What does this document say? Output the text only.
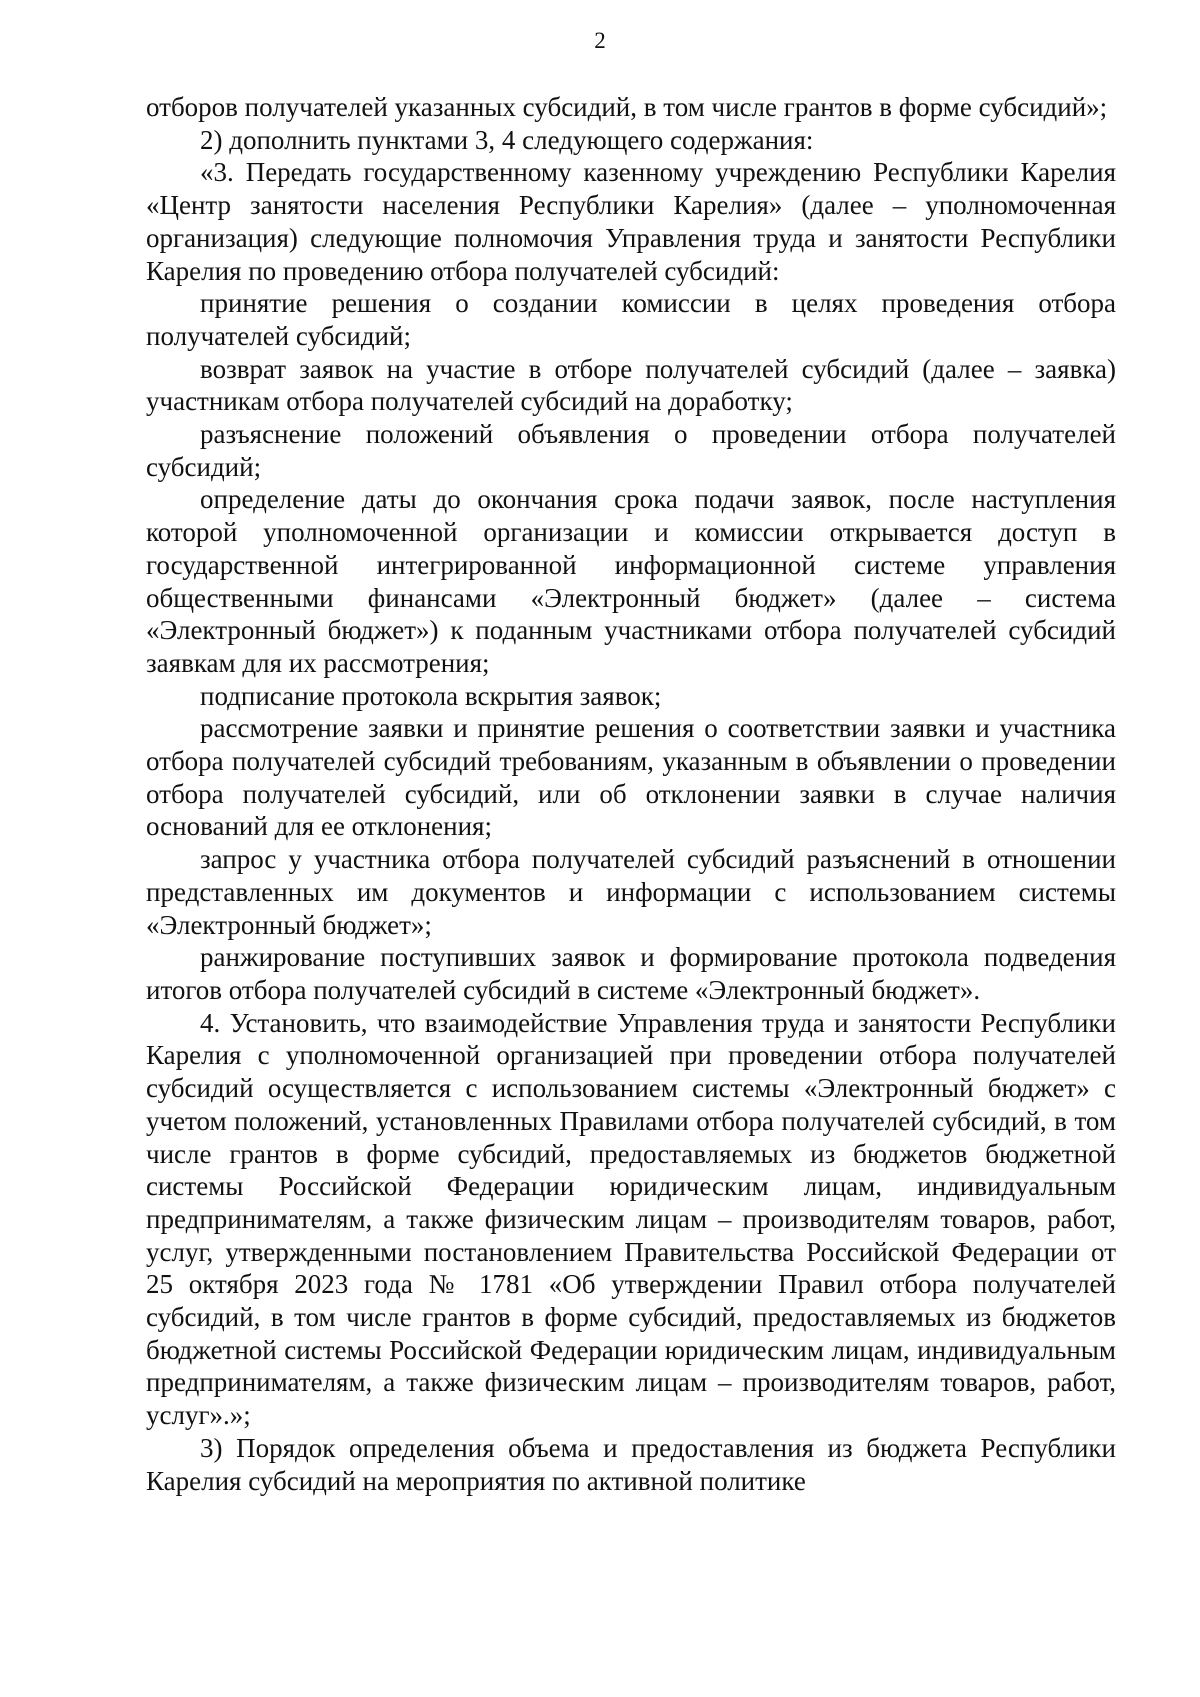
2

отборов получателей указанных субсидий, в том числе грантов в форме субсидий»;

2) дополнить пунктами 3, 4 следующего содержания:

«3. Передать государственному казенному учреждению Республики Карелия «Центр занятости населения Республики Карелия» (далее – уполномоченная организация) следующие полномочия Управления труда и занятости Республики Карелия по проведению отбора получателей субсидий:

принятие решения о создании комиссии в целях проведения отбора получателей субсидий;

возврат заявок на участие в отборе получателей субсидий (далее – заявка) участникам отбора получателей субсидий на доработку;

разъяснение положений объявления о проведении отбора получателей субсидий;

определение даты до окончания срока подачи заявок, после наступления которой уполномоченной организации и комиссии открывается доступ в государственной интегрированной информационной системе управления общественными финансами «Электронный бюджет» (далее – система «Электронный бюджет») к поданным участниками отбора получателей субсидий заявкам для их рассмотрения;

подписание протокола вскрытия заявок;

рассмотрение заявки и принятие решения о соответствии заявки и участника отбора получателей субсидий требованиям, указанным в объявлении о проведении отбора получателей субсидий, или об отклонении заявки в случае наличия оснований для ее отклонения;

запрос у участника отбора получателей субсидий разъяснений в отношении представленных им документов и информации с использованием системы «Электронный бюджет»;

ранжирование поступивших заявок и формирование протокола подведения итогов отбора получателей субсидий в системе «Электронный бюджет».

4. Установить, что взаимодействие Управления труда и занятости Республики Карелия с уполномоченной организацией при проведении отбора получателей субсидий осуществляется с использованием системы «Электронный бюджет» с учетом положений, установленных Правилами отбора получателей субсидий, в том числе грантов в форме субсидий, предоставляемых из бюджетов бюджетной системы Российской Федерации юридическим лицам, индивидуальным предпринимателям, а также физическим лицам – производителям товаров, работ, услуг, утвержденными постановлением Правительства Российской Федерации от 25 октября 2023 года № 1781 «Об утверждении Правил отбора получателей субсидий, в том числе грантов в форме субсидий, предоставляемых из бюджетов бюджетной системы Российской Федерации юридическим лицам, индивидуальным предпринимателям, а также физическим лицам – производителям товаров, работ, услуг».»;

3) Порядок определения объема и предоставления из бюджета Республики Карелия субсидий на мероприятия по активной политике
